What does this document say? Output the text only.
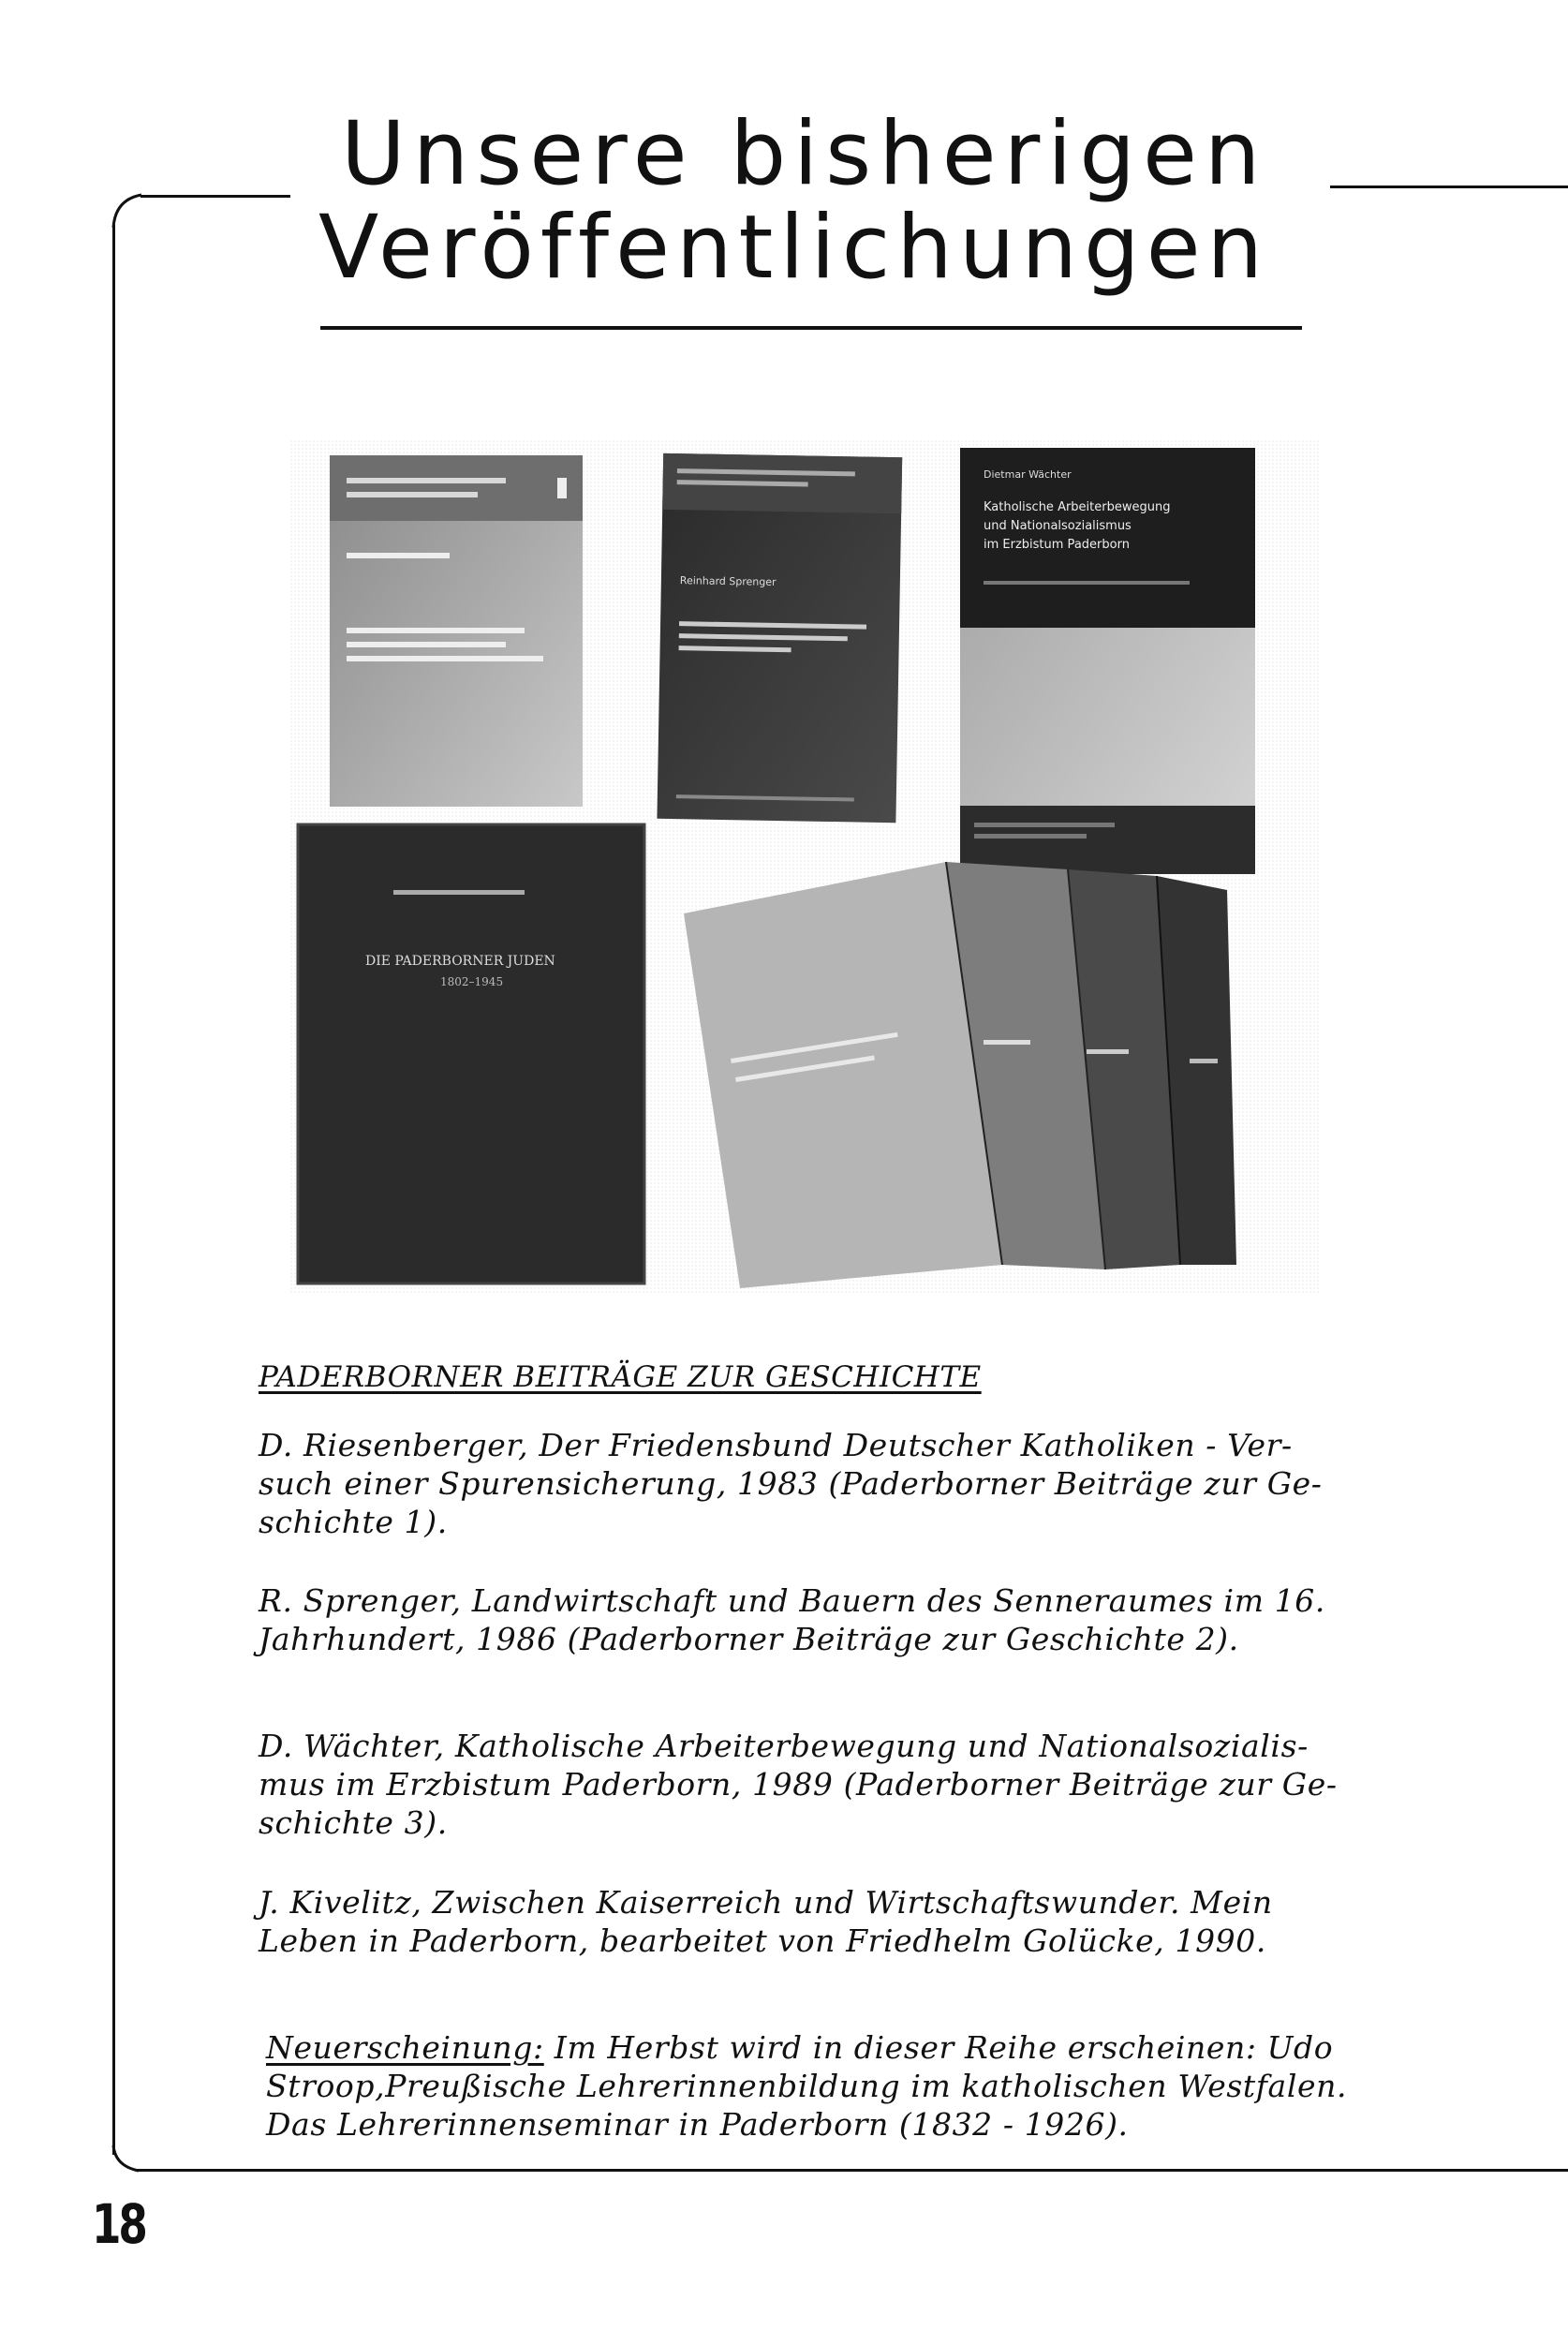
Unsere bisherigen
Veröffentlichungen
Reinhard Sprenger
Dietmar Wächter
Katholische Arbeiterbewegung
und Nationalsozialismus
im Erzbistum Paderborn
DIE PADERBORNER JUDEN
1802–1945
PADERBORNER BEITRÄGE ZUR GESCHICHTE
D. Riesenberger, Der Friedensbund Deutscher Katholiken - Ver-
such einer Spurensicherung, 1983 (Paderborner Beiträge zur Ge-
schichte 1).
R. Sprenger, Landwirtschaft und Bauern des Senneraumes im 16.
Jahrhundert, 1986 (Paderborner Beiträge zur Geschichte 2).
D. Wächter, Katholische Arbeiterbewegung und Nationalsozialis-
mus im Erzbistum Paderborn, 1989 (Paderborner Beiträge zur Ge-
schichte 3).
J. Kivelitz, Zwischen Kaiserreich und Wirtschaftswunder. Mein
Leben in Paderborn, bearbeitet von Friedhelm Golücke, 1990.
Neuerscheinung: Im Herbst wird in dieser Reihe erscheinen: Udo
Stroop,Preußische Lehrerinnenbildung im katholischen Westfalen.
Das Lehrerinnenseminar in Paderborn (1832 - 1926).
18
